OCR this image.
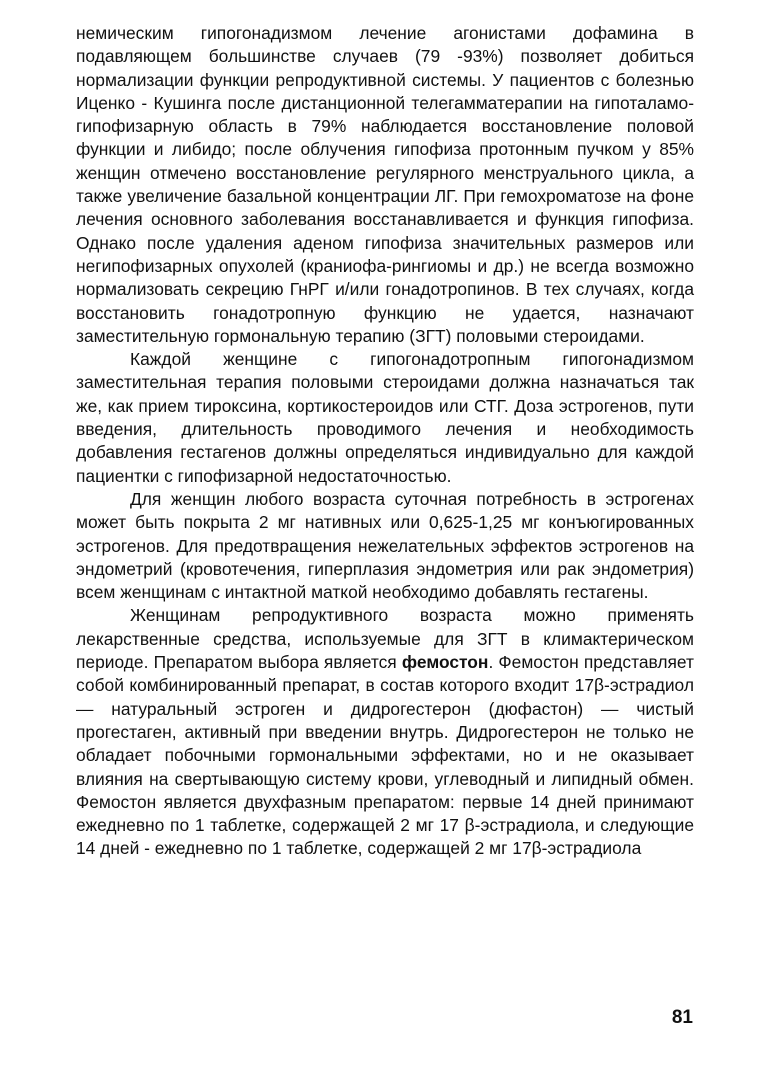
немическим гипогонадизмом лечение агонистами дофамина в подавляющем большинстве случаев (79 -93%) позволяет добиться нормализации функции репродуктивной системы. У пациентов с болезнью Иценко - Кушинга после дистанционной телегамматерапии на гипоталамо-гипофизарную область в 79% наблюдается восстановление половой функции и либидо; после облучения гипофиза протонным пучком у 85% женщин отмечено восстановление регулярного менструального цикла, а также увеличение базальной концентрации ЛГ. При гемохроматозе на фоне лечения основного заболевания восстанавливается и функция гипофиза. Однако после удаления аденом гипофиза значительных размеров или негипофизарных опухолей (краниофа-рингиомы и др.) не всегда возможно нормализовать секрецию ГнРГ и/или гонадотропинов. В тех случаях, когда восстановить гонадотропную функцию не удается, назначают заместительную гормональную терапию (ЗГТ) половыми стероидами.

Каждой женщине с гипогонадотропным гипогонадизмом заместительная терапия половыми стероидами должна назначаться так же, как прием тироксина, кортикостероидов или СТГ. Доза эстрогенов, пути введения, длительность проводимого лечения и необходимость добавления гестагенов должны определяться индивидуально для каждой пациентки с гипофизарной недостаточностью.

Для женщин любого возраста суточная потребность в эстрогенах может быть покрыта 2 мг нативных или 0,625-1,25 мг конъюгированных эстрогенов. Для предотвращения нежелательных эффектов эстрогенов на эндометрий (кровотечения, гиперплазия эндометрия или рак эндометрия) всем женщинам с интактной маткой необходимо добавлять гестагены.

Женщинам репродуктивного возраста можно применять лекарственные средства, используемые для ЗГТ в климактерическом периоде. Препаратом выбора является фемостон. Фемостон представляет собой комбинированный препарат, в состав которого входит 17β-эстрадиол — натуральный эстроген и дидрогестерон (дюфастон) — чистый прогестаген, активный при введении внутрь. Дидрогестерон не только не обладает побочными гормональными эффектами, но и не оказывает влияния на свертывающую систему крови, углеводный и липидный обмен. Фемостон является двухфазным препаратом: первые 14 дней принимают ежедневно по 1 таблетке, содержащей 2 мг 17 β-эстрадиола, и следующие 14 дней - ежедневно по 1 таблетке, содержащей 2 мг 17β-эстрадиола

81
